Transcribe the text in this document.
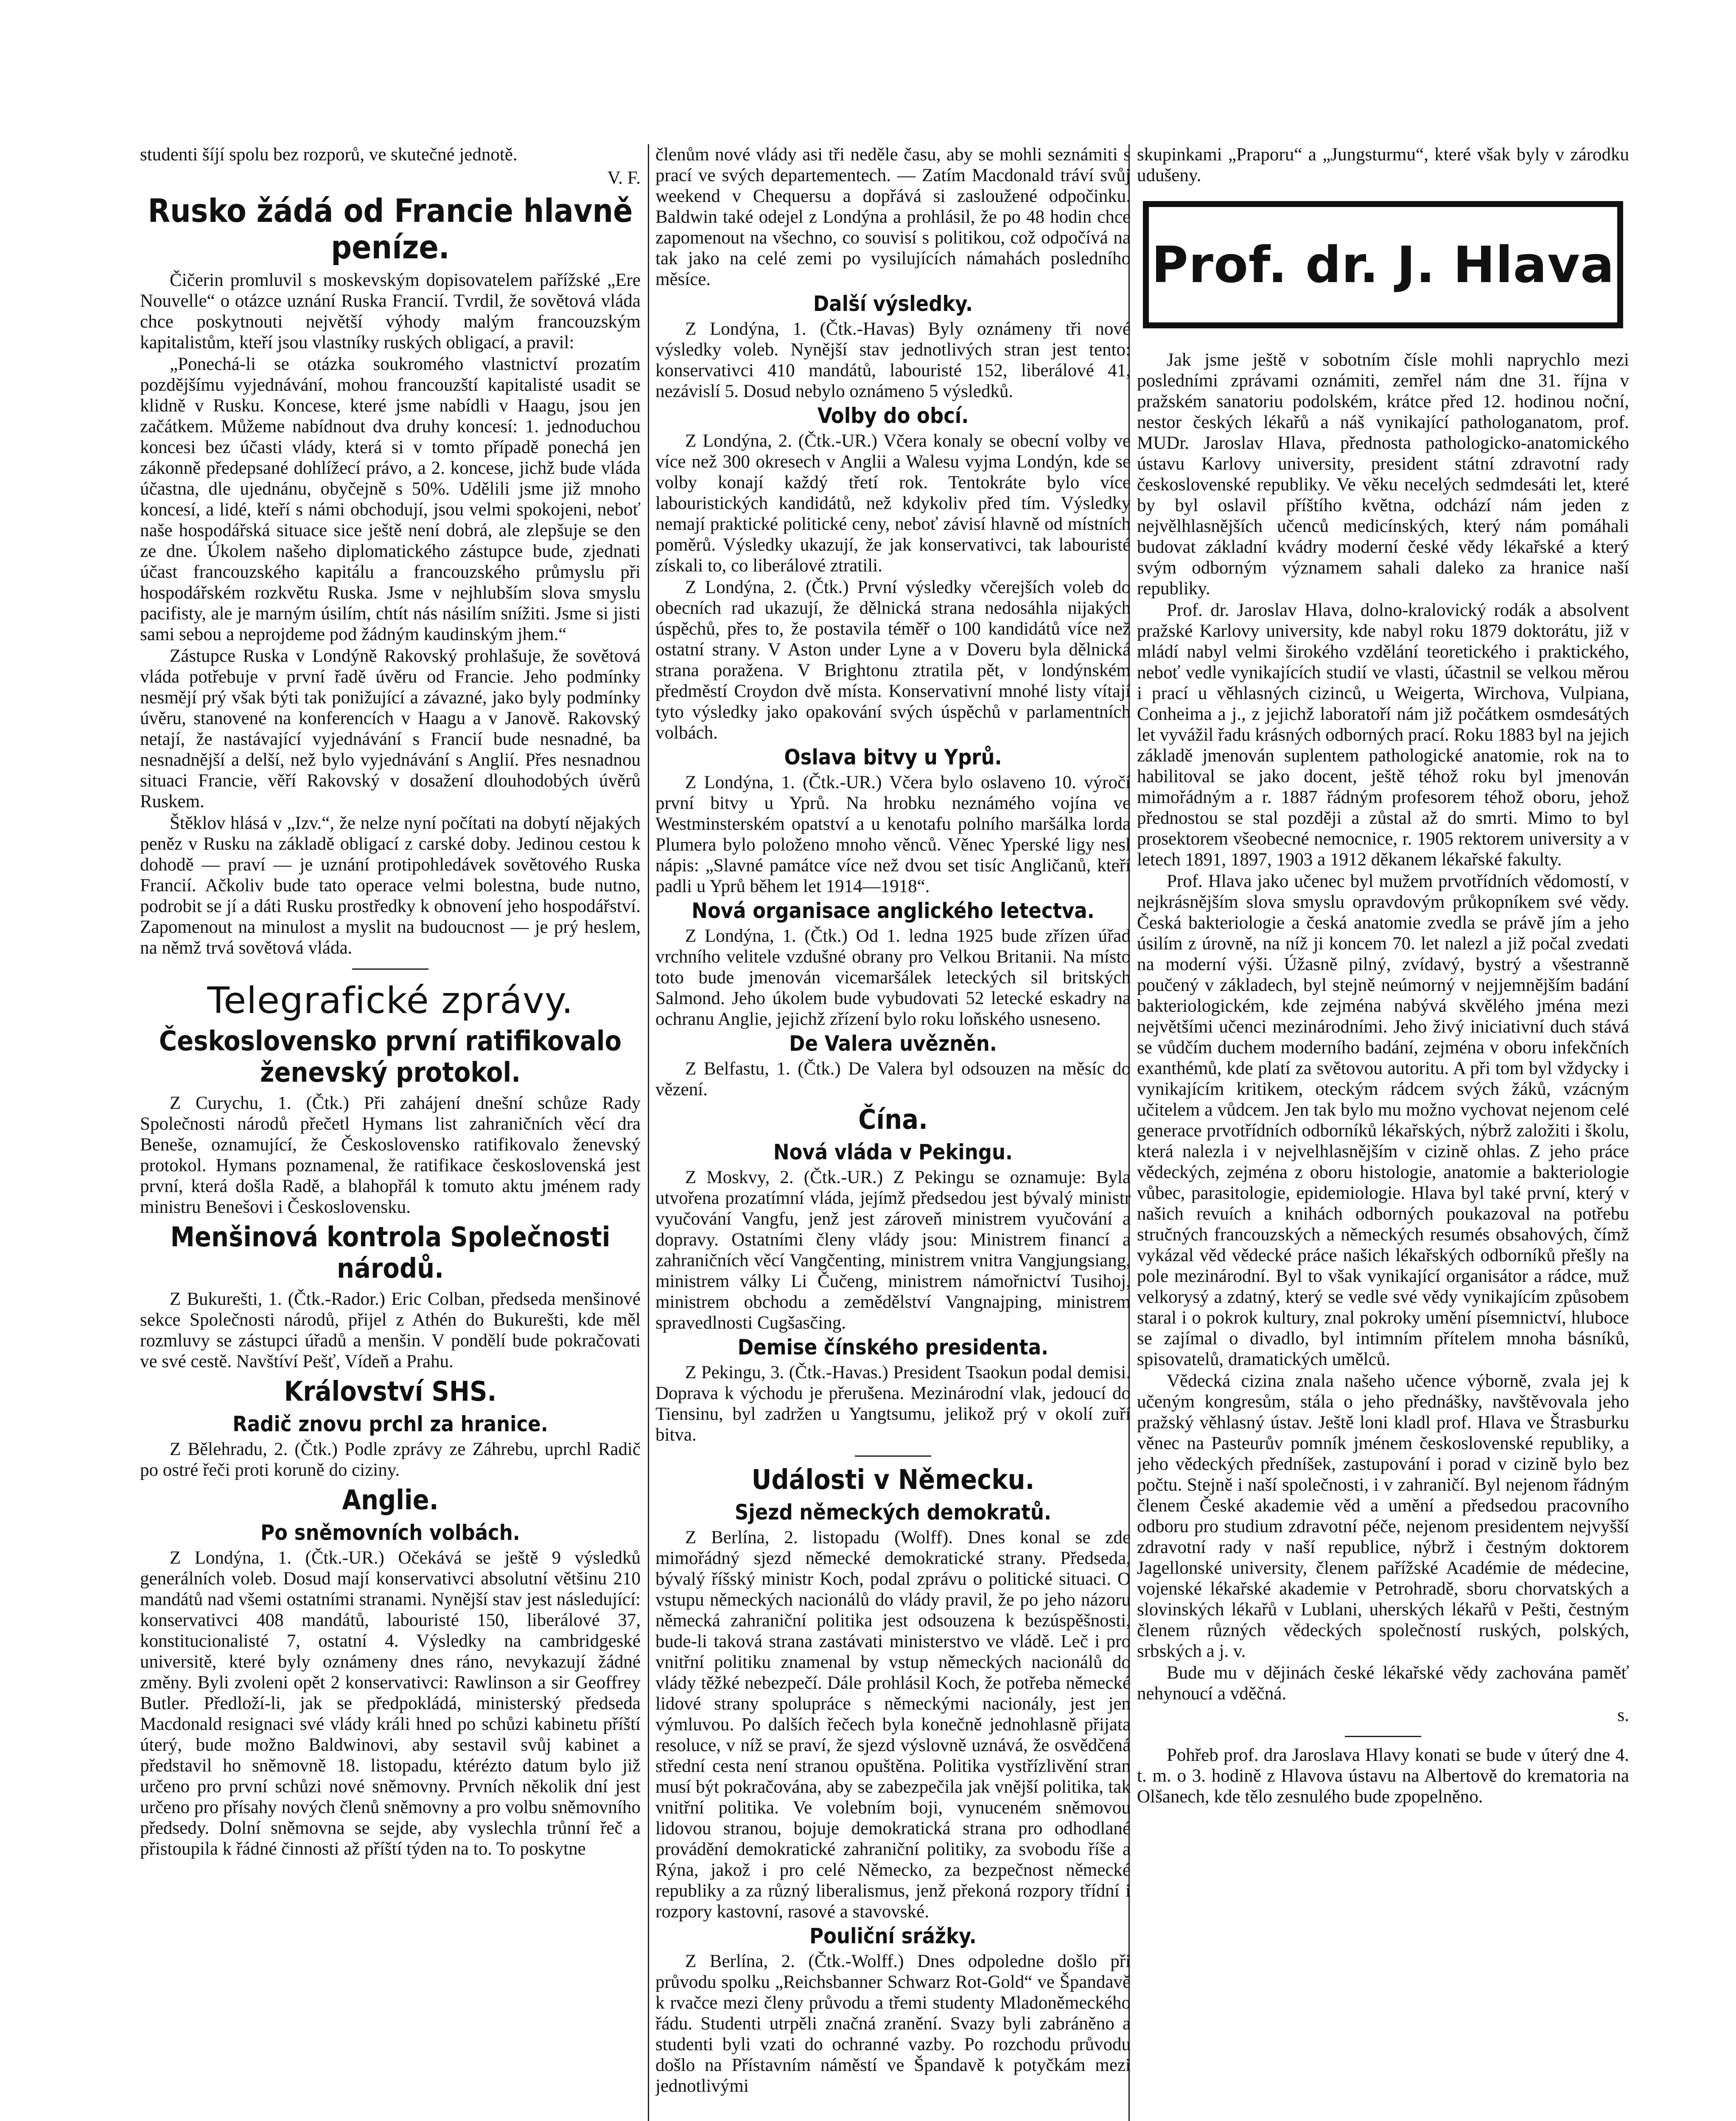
studenti šíjí spolu bez rozporů, ve skutečné jednotě.

V. F.

Rusko žádá od Francie hlavně peníze.

Čičerin promluvil s moskevským dopisovatelem pařížské „Ere Nouvelle“ o otázce uznání Ruska Francií. Tvrdil, že sovětová vláda chce poskytnouti největší výhody malým francouzským kapitalistům, kteří jsou vlastníky ruských obligací, a pravil:

„Ponechá-li se otázka soukromého vlastnictví prozatím pozdějšímu vyjednávání, mohou francouzští kapitalisté usadit se klidně v Rusku. Koncese, které jsme nabídli v Haagu, jsou jen začátkem. Můžeme nabídnout dva druhy koncesí: 1. jednoduchou koncesi bez účasti vlády, která si v tomto případě ponechá jen zákonně předepsané dohlížecí právo, a 2. koncese, jichž bude vláda účastna, dle ujednánu, obyčejně s 50%. Udělili jsme již mnoho koncesí, a lidé, kteří s námi obchodují, jsou velmi spokojeni, neboť naše hospodářská situace sice ještě není dobrá, ale zlepšuje se den ze dne. Úkolem našeho diplomatického zástupce bude, zjednati účast francouzského kapitálu a francouzského průmyslu při hospodářském rozkvětu Ruska. Jsme v nejhlubším slova smyslu pacifisty, ale je marným úsilím, chtít nás násilím snížiti. Jsme si jisti sami sebou a neprojdeme pod žádným kaudinským jhem.“

Zástupce Ruska v Londýně Rakovský prohlašuje, že sovětová vláda potřebuje v první řadě úvěru od Francie. Jeho podmínky nesmějí prý však býti tak ponižující a závazné, jako byly podmínky úvěru, stanovené na konferencích v Haagu a v Janově. Rakovský netají, že nastávající vyjednávání s Francií bude nesnadné, ba nesnadnější a delší, než bylo vyjednávání s Anglií. Přes nesnadnou situaci Francie, věří Rakovský v dosažení dlouhodobých úvěrů Ruskem.

Štěklov hlásá v „Izv.“, že nelze nyní počítati na dobytí nějakých peněz v Rusku na základě obligací z carské doby. Jedinou cestou k dohodě — praví — je uznání protipohledávek sovětového Ruska Francií. Ačkoliv bude tato operace velmi bolestna, bude nutno, podrobit se jí a dáti Rusku prostředky k obnovení jeho hospodářství. Zapomenout na minulost a myslit na budoucnost — je prý heslem, na němž trvá sovětová vláda.

Telegrafické zprávy.
Československo první ratifikovalo ženevský protokol.

Z Curychu, 1. (Čtk.) Při zahájení dnešní schůze Rady Společnosti národů přečetl Hymans list zahraničních věcí dra Beneše, oznamující, že Československo ratifikovalo ženevský protokol. Hymans poznamenal, že ratifikace československá jest první, která došla Radě, a blahopřál k tomuto aktu jménem rady ministru Benešovi i Československu.

Menšinová kontrola Společnosti národů.

Z Bukurešti, 1. (Čtk.-Rador.) Eric Colban, předseda menšinové sekce Společnosti národů, přijel z Athén do Bukurešti, kde měl rozmluvy se zástupci úřadů a menšin. V pondělí bude pokračovati ve své cestě. Navštíví Pešť, Vídeň a Prahu.

Království SHS.
Radič znovu prchl za hranice.

Z Bělehradu, 2. (Čtk.) Podle zprávy ze Záhrebu, uprchl Radič po ostré řeči proti koruně do ciziny.

Anglie.
Po sněmovních volbách.

Z Londýna, 1. (Čtk.-UR.) Očekává se ještě 9 výsledků generálních voleb. Dosud mají konservativci absolutní většinu 210 mandátů nad všemi ostatními stranami. Nynější stav jest následující: konservativci 408 mandátů, labouristé 150, liberálové 37, konstitucionalisté 7, ostatní 4. Výsledky na cambridgeské universitě, které byly oznámeny dnes ráno, nevykazují žádné změny. Byli zvoleni opět 2 konservativci: Rawlinson a sir Geoffrey Butler. Předloží-li, jak se předpokládá, ministerský předseda Macdonald resignaci své vlády králi hned po schůzi kabinetu příští úterý, bude možno Baldwinovi, aby sestavil svůj kabinet a představil ho sněmovně 18. listopadu, ktérézto datum bylo již určeno pro první schůzi nové sněmovny. Prvních několik dní jest určeno pro přísahy nových členů sněmovny a pro volbu sněmovního předsedy. Dolní sněmovna se sejde, aby vyslechla trůnní řeč a přistoupila k řádné činnosti až příští týden na to. To poskytne

členům nové vlády asi tři neděle času, aby se mohli seznámiti s prací ve svých departementech. — Zatím Macdonald tráví svůj weekend v Chequersu a dopřává si zasloužené odpočinku. Baldwin také odejel z Londýna a prohlásil, že po 48 hodin chce zapomenout na všechno, co souvisí s politikou, což odpočívá na tak jako na celé zemi po vysilujících námahách posledního měsíce.

Další výsledky.

Z Londýna, 1. (Čtk.-Havas) Byly oznámeny tři nové výsledky voleb. Nynější stav jednotlivých stran jest tento: konservativci 410 mandátů, labouristé 152, liberálové 41, nezávislí 5. Dosud nebylo oznámeno 5 výsledků.

Volby do obcí.

Z Londýna, 2. (Čtk.-UR.) Včera konaly se obecní volby ve více než 300 okresech v Anglii a Walesu vyjma Londýn, kde se volby konají každý třetí rok. Tentokráte bylo více labouristických kandidátů, než kdykoliv před tím. Výsledky nemají praktické politické ceny, neboť závisí hlavně od místních poměrů. Výsledky ukazují, že jak konservativci, tak labouristé získali to, co liberálové ztratili.

Z Londýna, 2. (Čtk.) První výsledky včerejších voleb do obecních rad ukazují, že dělnická strana nedosáhla nijakých úspěchů, přes to, že postavila téměř o 100 kandidátů více než ostatní strany. V Aston under Lyne a v Doveru byla dělnická strana poražena. V Brightonu ztratila pět, v londýnském předměstí Croydon dvě místa. Konservativní mnohé listy vítají tyto výsledky jako opakování svých úspěchů v parlamentních volbách.

Oslava bitvy u Yprů.

Z Londýna, 1. (Čtk.-UR.) Včera bylo oslaveno 10. výročí první bitvy u Yprů. Na hrobku neznámého vojína ve Westminsterském opatství a u kenotafu polního maršálka lorda Plumera bylo položeno mnoho věnců. Věnec Yperské ligy nesl nápis: „Slavné památce více než dvou set tisíc Angličanů, kteří padli u Yprů během let 1914—1918“.

Nová organisace anglického letectva.

Z Londýna, 1. (Čtk.) Od 1. ledna 1925 bude zřízen úřad vrchního velitele vzdušné obrany pro Velkou Britanii. Na místo toto bude jmenován vicemaršálek leteckých sil britských Salmond. Jeho úkolem bude vybudovati 52 letecké eskadry na ochranu Anglie, jejichž zřízení bylo roku loňského usneseno.

De Valera uvězněn.

Z Belfastu, 1. (Čtk.) De Valera byl odsouzen na měsíc do vězení.

Čína.
Nová vláda v Pekingu.

Z Moskvy, 2. (Čtk.-UR.) Z Pekingu se oznamuje: Byla utvořena prozatímní vláda, jejímž předsedou jest bývalý ministr vyučování Vangfu, jenž jest zároveň ministrem vyučování a dopravy. Ostatními členy vlády jsou: Ministrem financí a zahraničních věcí Vangčenting, ministrem vnitra Vangjungsiang, ministrem války Li Čučeng, ministrem námořnictví Tusihoj, ministrem obchodu a zemědělství Vangnajping, ministrem spravedlnosti Cugšasčing.

Demise čínského presidenta.

Z Pekingu, 3. (Čtk.-Havas.) President Tsaokun podal demisi. Doprava k východu je přerušena. Mezinárodní vlak, jedoucí do Tiensinu, byl zadržen u Yangtsumu, jelikož prý v okolí zuří bitva.

Události v Německu.
Sjezd německých demokratů.

Z Berlína, 2. listopadu (Wolff). Dnes konal se zde mimořádný sjezd německé demokratické strany. Předseda, bývalý říšský ministr Koch, podal zprávu o politické situaci. O vstupu německých nacionálů do vlády pravil, že po jeho názoru německá zahraniční politika jest odsouzena k bezúspěšnosti, bude-li taková strana zastávati ministerstvo ve vládě. Leč i pro vnitřní politiku znamenal by vstup německých nacionálů do vlády těžké nebezpečí. Dále prohlásil Koch, že potřeba německé lidové strany spolupráce s německými nacionály, jest jen výmluvou. Po dalších řečech byla konečně jednohlasně přijata resoluce, v níž se praví, že sjezd výslovně uznává, že osvědčená střední cesta není stranou opuštěna. Politika vystřízlivění stran musí být pokračována, aby se zabezpečila jak vnější politika, tak vnitřní politika. Ve volebním boji, vynuceném sněmovou lidovou stranou, bojuje demokratická strana pro odhodlané provádění demokratické zahraniční politiky, za svobodu říše a Rýna, jakož i pro celé Německo, za bezpečnost německé republiky a za různý liberalismus, jenž překoná rozpory třídní i rozpory kastovní, rasové a stavovské.

Pouliční srážky.

Z Berlína, 2. (Čtk.-Wolff.) Dnes odpoledne došlo při průvodu spolku „Reichsbanner Schwarz Rot-Gold“ ve Špandavě k rvačce mezi členy průvodu a třemi studenty Mladoněmeckého řádu. Studenti utrpěli značná zranění. Svazy byli zabráněno a studenti byli vzati do ochranné vazby. Po rozchodu průvodu došlo na Přístavním náměstí ve Špandavě k potyčkám mezi jednotlivými

skupinkami „Praporu“ a „Jungsturmu“, které však byly v zárodku udušeny.

Prof. dr. J. Hlava

Jak jsme ještě v sobotním čísle mohli naprychlo mezi posledními zprávami oznámiti, zemřel nám dne 31. října v pražském sanatoriu podolském, krátce před 12. hodinou noční, nestor českých lékařů a náš vynikající pathologanatom, prof. MUDr. Jaroslav Hlava, přednosta pathologicko-anatomického ústavu Karlovy university, president státní zdravotní rady československé republiky. Ve věku necelých sedmdesáti let, které by byl oslavil příštího května, odchází nám jeden z nejvělhlasnějších učenců medicínských, který nám pomáhali budovat základní kvádry moderní české vědy lékařské a který svým odborným významem sahali daleko za hranice naší republiky.

Prof. dr. Jaroslav Hlava, dolno-kralovický rodák a absolvent pražské Karlovy university, kde nabyl roku 1879 doktorátu, již v mládí nabyl velmi širokého vzdělání teoretického i praktického, neboť vedle vynikajících studií ve vlasti, účastnil se velkou měrou i prací u věhlasných cizinců, u Weigerta, Wirchova, Vulpiana, Conheima a j., z jejichž laboratoří nám již počátkem osmdesátých let vyvážil řadu krásných odborných prací. Roku 1883 byl na jejich základě jmenován suplentem pathologické anatomie, rok na to habilitoval se jako docent, ještě téhož roku byl jmenován mimořádným a r. 1887 řádným profesorem téhož oboru, jehož přednostou se stal později a zůstal až do smrti. Mimo to byl prosektorem všeobecné nemocnice, r. 1905 rektorem university a v letech 1891, 1897, 1903 a 1912 děkanem lékařské fakulty.

Prof. Hlava jako učenec byl mužem prvotřídních vědomostí, v nejkrásnějším slova smyslu opravdovým průkopníkem své vědy. Česká bakteriologie a česká anatomie zvedla se právě jím a jeho úsilím z úrovně, na níž ji koncem 70. let nalezl a již počal zvedati na moderní výši. Úžasně pilný, zvídavý, bystrý a všestranně poučený v základech, byl stejně neúmorný v nejjemnějším badání bakteriologickém, kde zejména nabývá skvělého jména mezi největšími učenci mezinárodními. Jeho živý iniciativní duch stává se vůdčím duchem moderního badání, zejména v oboru infekčních exanthémů, kde platí za světovou autoritu. A při tom byl vždycky i vynikajícím kritikem, oteckým rádcem svých žáků, vzácným učitelem a vůdcem. Jen tak bylo mu možno vychovat nejenom celé generace prvotřídních odborníků lékařských, nýbrž založiti i školu, která nalezla i v nejvelhlasnějším v cizině ohlas. Z jeho práce vědeckých, zejména z oboru histologie, anatomie a bakteriologie vůbec, parasitologie, epidemiologie. Hlava byl také první, který v našich revuích a knihách odborných poukazoval na potřebu stručných francouzských a německých resumés obsahových, čímž vykázal věd vědecké práce našich lékařských odborníků přešly na pole mezinárodní. Byl to však vynikající organisátor a rádce, muž velkorysý a zdatný, který se vedle své vědy vynikajícím způsobem staral i o pokrok kultury, znal pokroky umění písemnictví, hluboce se zajímal o divadlo, byl intimním přítelem mnoha básníků, spisovatelů, dramatických umělců.

Vědecká cizina znala našeho učence výborně, zvala jej k učeným kongresům, stála o jeho přednášky, navštěvovala jeho pražský věhlasný ústav. Ještě loni kladl prof. Hlava ve Štrasburku věnec na Pasteurův pomník jménem československé republiky, a jeho vědeckých předníšek, zastupování i porad v cizině bylo bez počtu. Stejně i naší společnosti, i v zahraničí. Byl nejenom řádným členem České akademie věd a umění a předsedou pracovního odboru pro studium zdravotní péče, nejenom presidentem nejvyšší zdravotní rady v naší republice, nýbrž i čestným doktorem Jagellonské university, členem pařížské Académie de médecine, vojenské lékařské akademie v Petrohradě, sboru chorvatských a slovinských lékařů v Lublani, uherských lékařů v Pešti, čestným členem různých vědeckých společností ruských, polských, srbských a j. v.

Bude mu v dějinách české lékařské vědy zachována paměť nehynoucí a vděčná.

s.

Pohřeb prof. dra Jaroslava Hlavy konati se bude v úterý dne 4. t. m. o 3. hodině z Hlavova ústavu na Albertově do krematoria na Olšanech, kde tělo zesnulého bude zpopelněno.
